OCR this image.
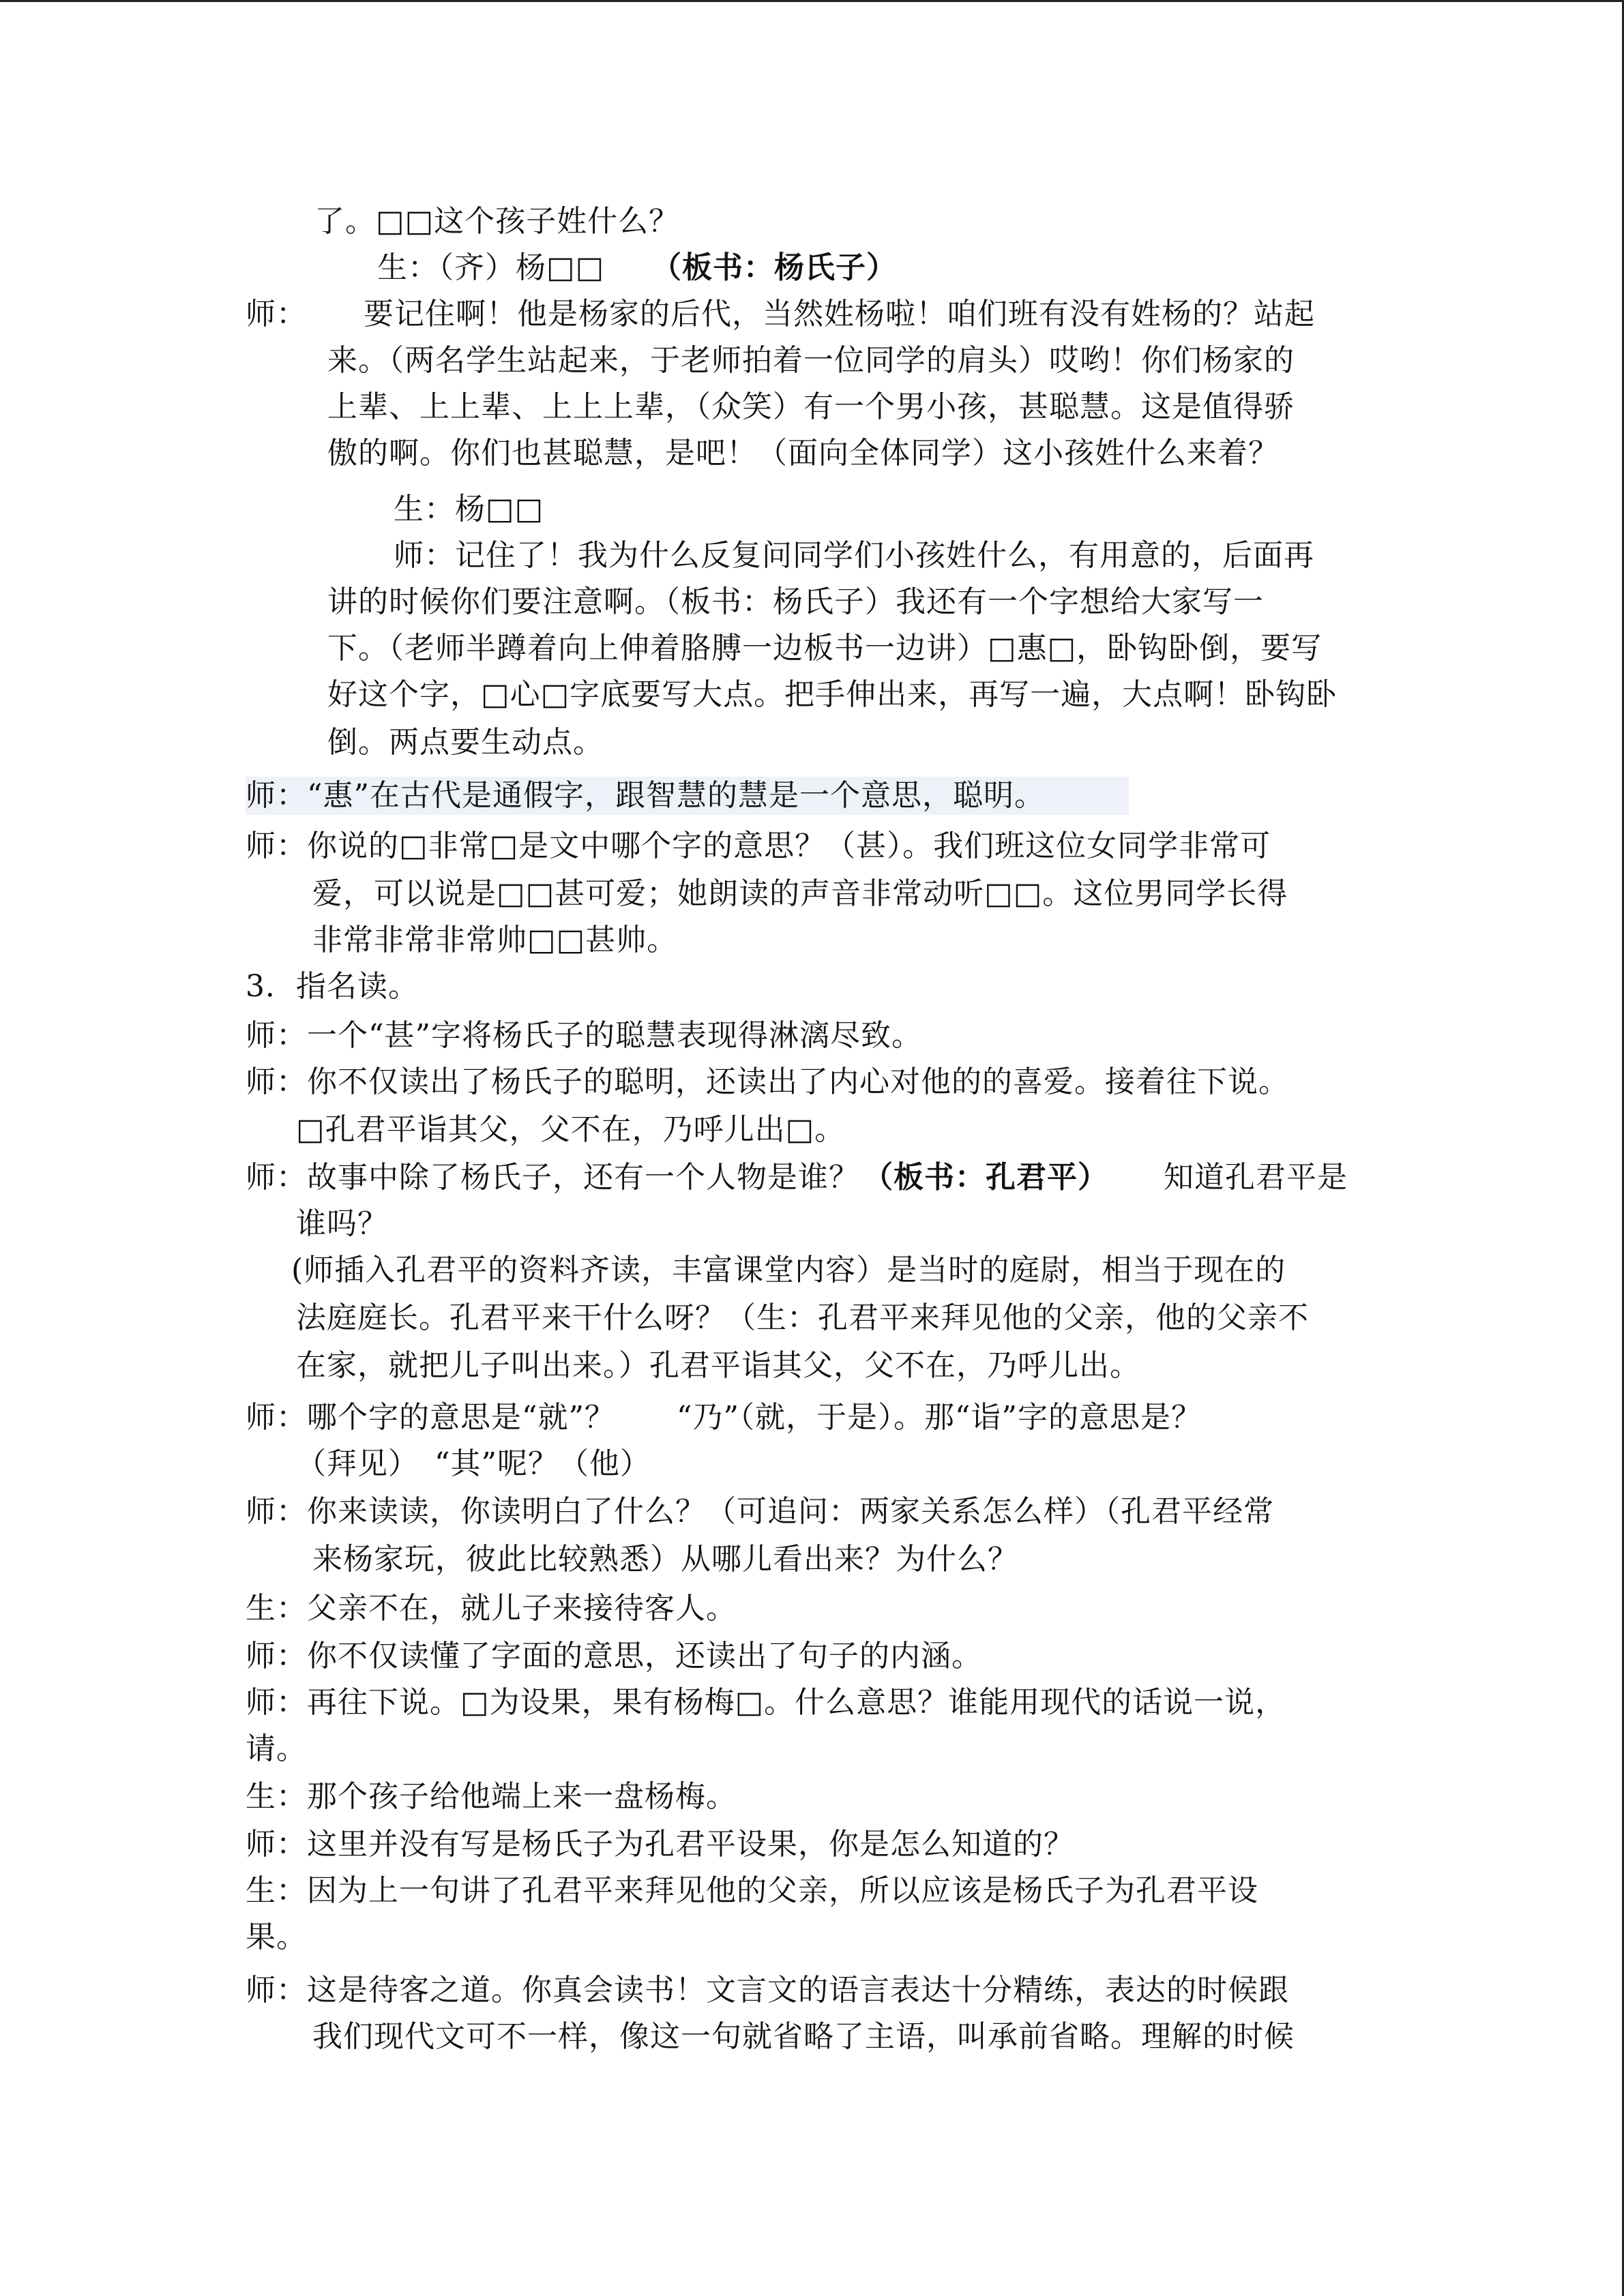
了。□□这个孩子姓什么？
生：（齐）杨□□ （板书：杨氏子）
师： 要记住啊！他是杨家的后代，当然姓杨啦！咱们班有没有姓杨的？站起
来。（两名学生站起来，于老师拍着一位同学的肩头）哎哟！你们杨家的
上辈、上上辈、上上上辈，（众笑）有一个男小孩，甚聪慧。这是值得骄
傲的啊。你们也甚聪慧，是吧！（面向全体同学）这小孩姓什么来着？
生：杨□□
师：记住了！我为什么反复问同学们小孩姓什么，有用意的，后面再
讲的时候你们要注意啊。（板书：杨氏子）我还有一个字想给大家写一
下。（老师半蹲着向上伸着胳膊一边板书一边讲）□惠□，卧钩卧倒，要写
好这个字，□心□字底要写大点。把手伸出来，再写一遍，大点啊！卧钩卧
倒。两点要生动点。
师：“惠”在古代是通假字，跟智慧的慧是一个意思，聪明。
师：你说的□非常□是文中哪个字的意思？（甚）。我们班这位女同学非常可
爱，可以说是□□甚可爱；她朗读的声音非常动听□□。这位男同学长得
非常非常非常帅□□甚帅。
3．指名读。
师：一个“甚”字将杨氏子的聪慧表现得淋漓尽致。
师：你不仅读出了杨氏子的聪明，还读出了内心对他的的喜爱。接着往下说。
□孔君平诣其父，父不在，乃呼儿出□。
师：故事中除了杨氏子，还有一个人物是谁？ （板书：孔君平） 知道孔君平是
谁吗？
(师插入孔君平的资料齐读，丰富课堂内容）是当时的庭尉，相当于现在的
法庭庭长。孔君平来干什么呀？（生：孔君平来拜见他的父亲，他的父亲不
在家，就把儿子叫出来。）孔君平诣其父，父不在，乃呼儿出。
师：哪个字的意思是“就”？　　“乃”（就，于是）。那“诣”字的意思是？
（拜见）　“其”呢？（他）
师：你来读读，你读明白了什么？（可追问：两家关系怎么样）（孔君平经常
来杨家玩，彼此比较熟悉）从哪儿看出来？为什么？
生：父亲不在，就儿子来接待客人。
师：你不仅读懂了字面的意思，还读出了句子的内涵。
师：再往下说。□为设果，果有杨梅□。什么意思？谁能用现代的话说一说，
请。
生：那个孩子给他端上来一盘杨梅。
师：这里并没有写是杨氏子为孔君平设果，你是怎么知道的？
生：因为上一句讲了孔君平来拜见他的父亲，所以应该是杨氏子为孔君平设
果。
师：这是待客之道。你真会读书！文言文的语言表达十分精练，表达的时候跟
我们现代文可不一样，像这一句就省略了主语，叫承前省略。理解的时候
